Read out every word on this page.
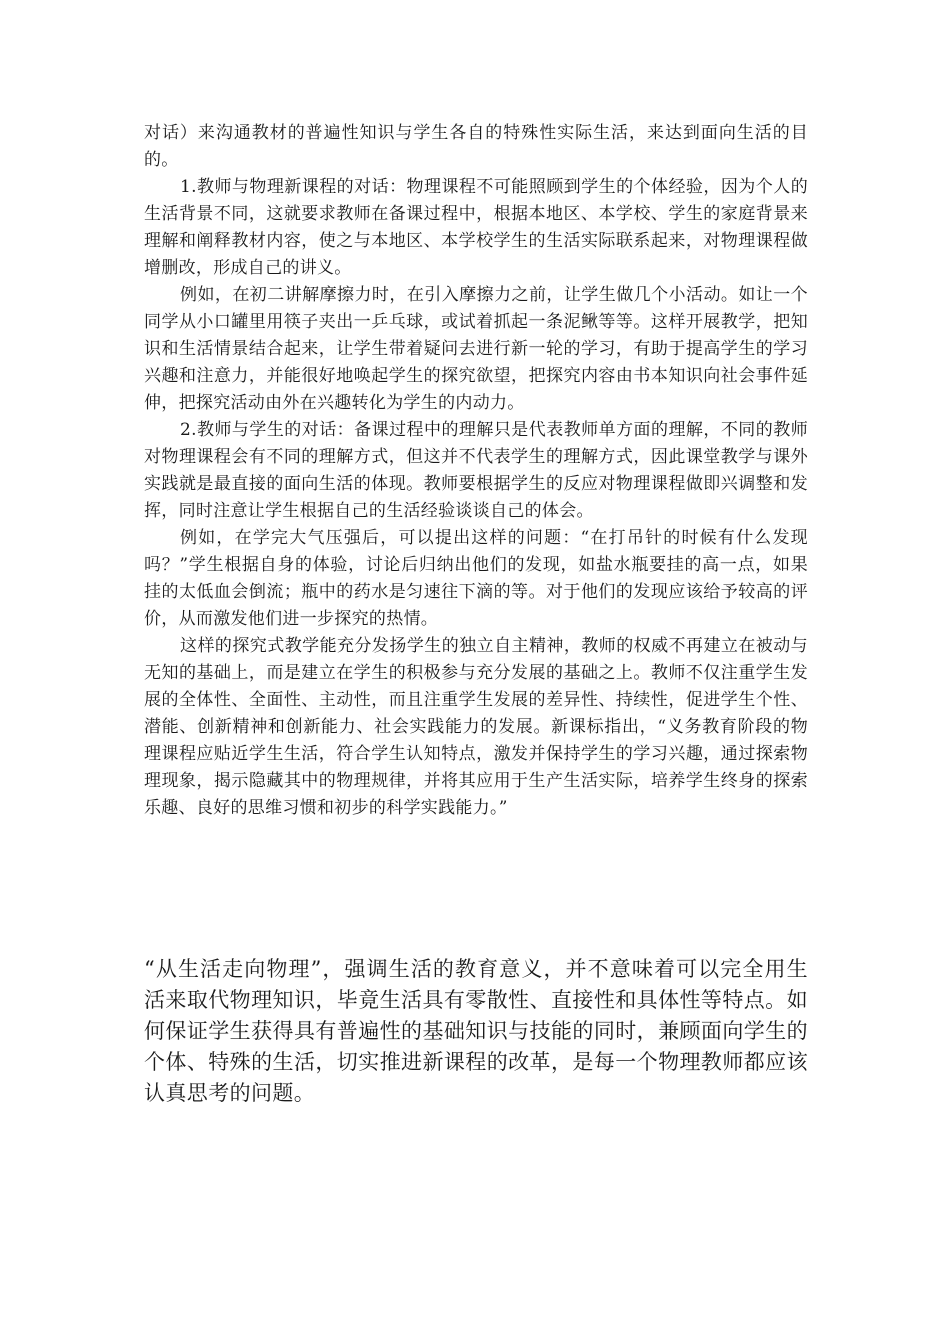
对话）来沟通教材的普遍性知识与学生各自的特殊性实际生活，来达到面向生活的目的。

1.教师与物理新课程的对话：物理课程不可能照顾到学生的个体经验，因为个人的生活背景不同，这就要求教师在备课过程中，根据本地区、本学校、学生的家庭背景来理解和阐释教材内容，使之与本地区、本学校学生的生活实际联系起来，对物理课程做增删改，形成自己的讲义。

例如，在初二讲解摩擦力时，在引入摩擦力之前，让学生做几个小活动。如让一个同学从小口罐里用筷子夹出一乒乓球，或试着抓起一条泥鳅等等。这样开展教学，把知识和生活情景结合起来，让学生带着疑问去进行新一轮的学习，有助于提高学生的学习兴趣和注意力，并能很好地唤起学生的探究欲望，把探究内容由书本知识向社会事件延伸，把探究活动由外在兴趣转化为学生的内动力。

2.教师与学生的对话：备课过程中的理解只是代表教师单方面的理解，不同的教师对物理课程会有不同的理解方式，但这并不代表学生的理解方式，因此课堂教学与课外实践就是最直接的面向生活的体现。教师要根据学生的反应对物理课程做即兴调整和发挥，同时注意让学生根据自己的生活经验谈谈自己的体会。

例如，在学完大气压强后，可以提出这样的问题：“在打吊针的时候有什么发现吗？”学生根据自身的体验，讨论后归纳出他们的发现，如盐水瓶要挂的高一点，如果挂的太低血会倒流；瓶中的药水是匀速往下滴的等。对于他们的发现应该给予较高的评价，从而激发他们进一步探究的热情。

这样的探究式教学能充分发扬学生的独立自主精神，教师的权威不再建立在被动与无知的基础上，而是建立在学生的积极参与充分发展的基础之上。教师不仅注重学生发展的全体性、全面性、主动性，而且注重学生发展的差异性、持续性，促进学生个性、潜能、创新精神和创新能力、社会实践能力的发展。新课标指出，“义务教育阶段的物理课程应贴近学生生活，符合学生认知特点，激发并保持学生的学习兴趣，通过探索物理现象，揭示隐藏其中的物理规律，并将其应用于生产生活实际，培养学生终身的探索乐趣、良好的思维习惯和初步的科学实践能力。”

“从生活走向物理”，强调生活的教育意义，并不意味着可以完全用生活来取代物理知识，毕竟生活具有零散性、直接性和具体性等特点。如何保证学生获得具有普遍性的基础知识与技能的同时，兼顾面向学生的个体、特殊的生活，切实推进新课程的改革，是每一个物理教师都应该认真思考的问题。
